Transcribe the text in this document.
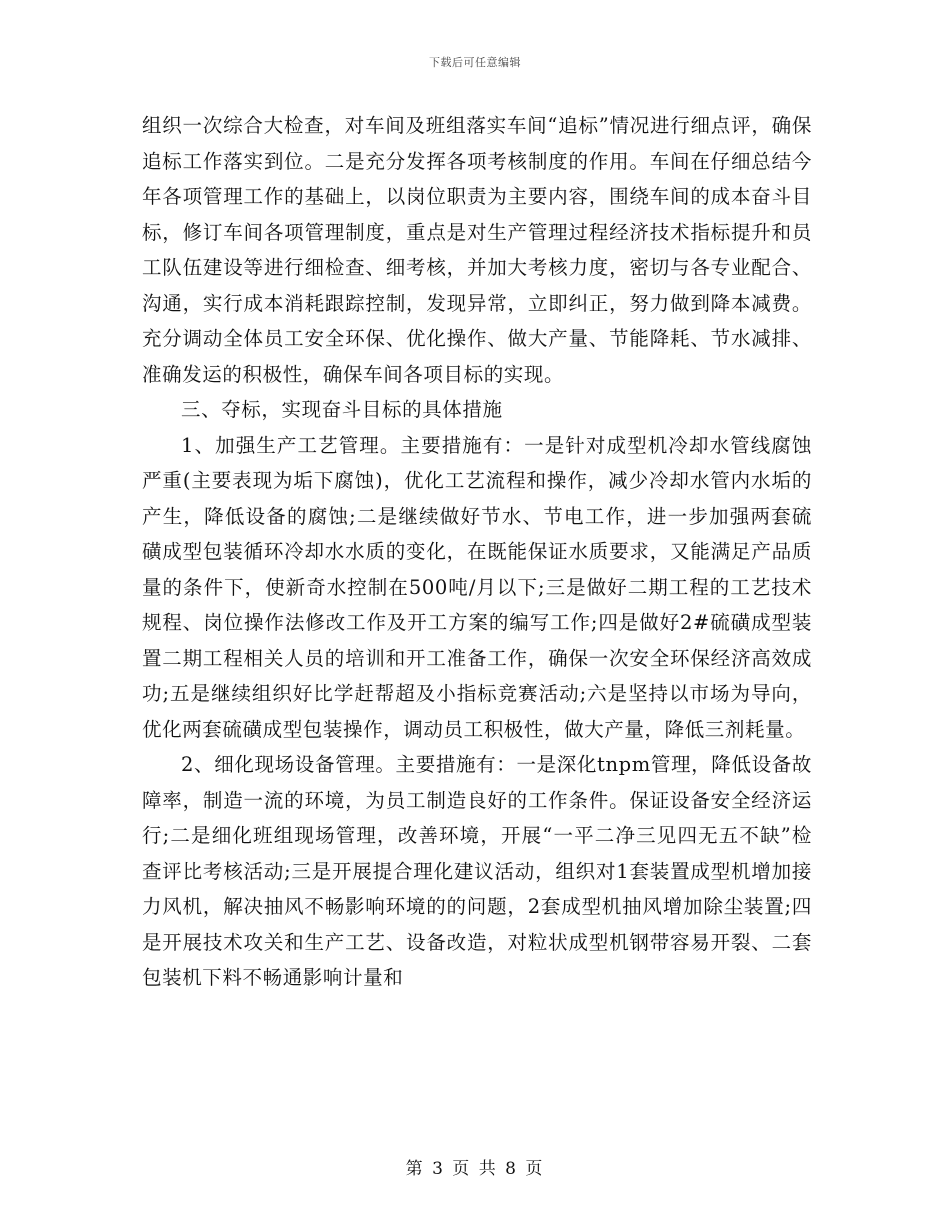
下载后可任意编辑

组织一次综合大检查，对车间及班组落实车间“追标”情况进行细点评，确保追标工作落实到位。二是充分发挥各项考核制度的作用。车间在仔细总结今年各项管理工作的基础上，以岗位职责为主要内容，围绕车间的成本奋斗目标，修订车间各项管理制度，重点是对生产管理过程经济技术指标提升和员工队伍建设等进行细检查、细考核，并加大考核力度，密切与各专业配合、沟通，实行成本消耗跟踪控制，发现异常，立即纠正，努力做到降本减费。充分调动全体员工安全环保、优化操作、做大产量、节能降耗、节水减排、准确发运的积极性，确保车间各项目标的实现。

三、夺标，实现奋斗目标的具体措施

1、加强生产工艺管理。主要措施有：一是针对成型机冷却水管线腐蚀严重(主要表现为垢下腐蚀)，优化工艺流程和操作，减少冷却水管内水垢的产生，降低设备的腐蚀;二是继续做好节水、节电工作，进一步加强两套硫磺成型包装循环冷却水水质的变化，在既能保证水质要求，又能满足产品质量的条件下，使新奇水控制在500吨/月以下;三是做好二期工程的工艺技术规程、岗位操作法修改工作及开工方案的编写工作;四是做好2#硫磺成型装置二期工程相关人员的培训和开工准备工作，确保一次安全环保经济高效成功;五是继续组织好比学赶帮超及小指标竞赛活动;六是坚持以市场为导向，优化两套硫磺成型包装操作，调动员工积极性，做大产量，降低三剂耗量。

2、细化现场设备管理。主要措施有：一是深化tnpm管理，降低设备故障率，制造一流的环境，为员工制造良好的工作条件。保证设备安全经济运行;二是细化班组现场管理，改善环境，开展“一平二净三见四无五不缺”检查评比考核活动;三是开展提合理化建议活动，组织对1套装置成型机增加接力风机，解决抽风不畅影响环境的的问题，2套成型机抽风增加除尘装置;四是开展技术攻关和生产工艺、设备改造，对粒状成型机钢带容易开裂、二套包装机下料不畅通影响计量和

第 3 页 共 8 页
